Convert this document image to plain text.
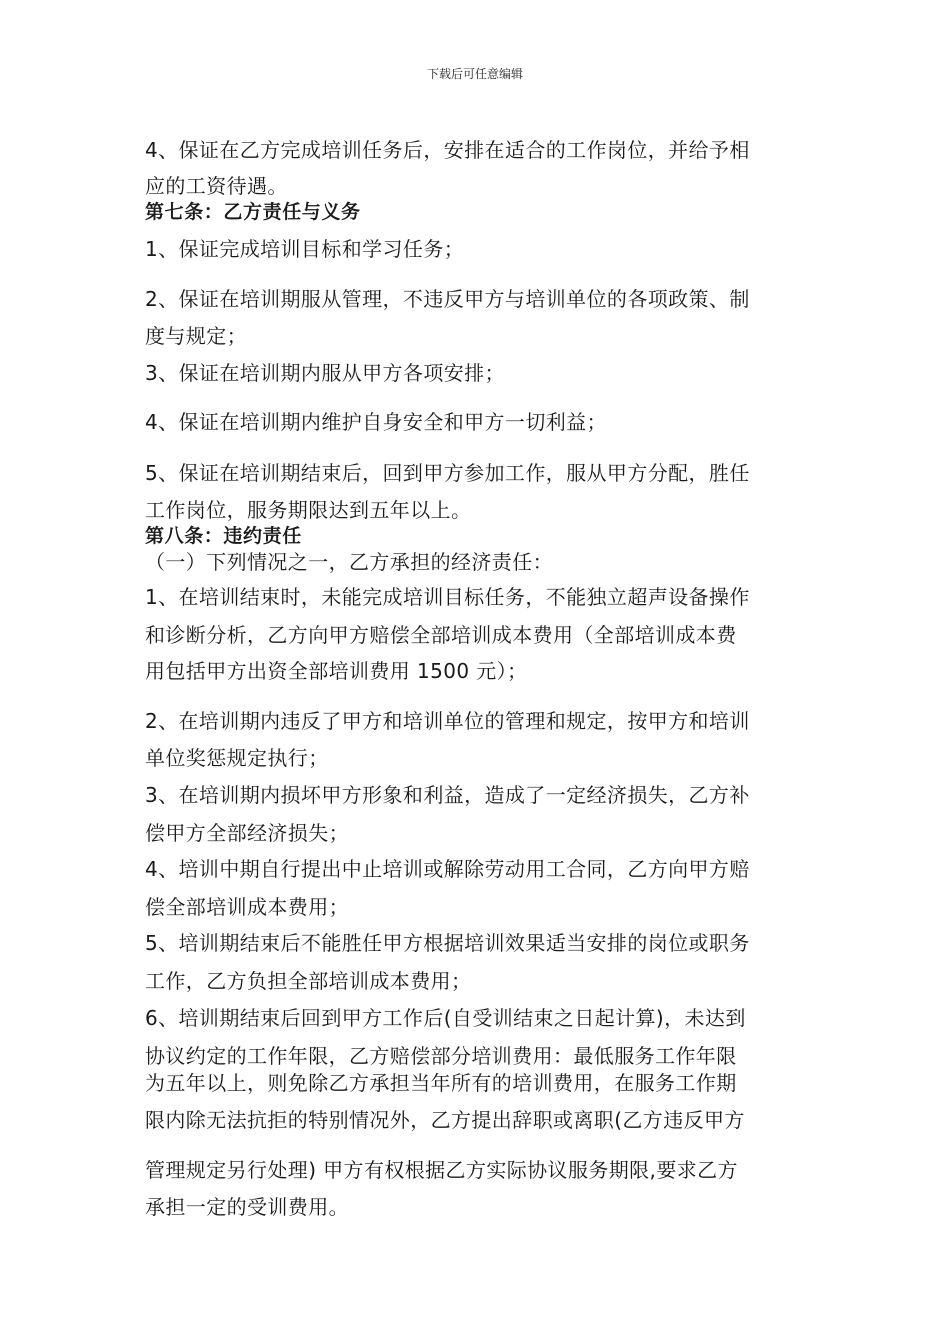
下载后可任意编辑
4、保证在乙方完成培训任务后，安排在适合的工作岗位，并给予相
应的工资待遇。
第七条：乙方责任与义务
1、保证完成培训目标和学习任务；
2、保证在培训期服从管理，不违反甲方与培训单位的各项政策、制
度与规定；
3、保证在培训期内服从甲方各项安排；
4、保证在培训期内维护自身安全和甲方一切利益；
5、保证在培训期结束后，回到甲方参加工作，服从甲方分配，胜任
工作岗位，服务期限达到五年以上。
第八条：违约责任
（一）下列情况之一，乙方承担的经济责任：
1、在培训结束时，未能完成培训目标任务，不能独立超声设备操作
和诊断分析，乙方向甲方赔偿全部培训成本费用（全部培训成本费
用包括甲方出资全部培训费用 1500 元）；
2、在培训期内违反了甲方和培训单位的管理和规定，按甲方和培训
单位奖惩规定执行；
3、在培训期内损坏甲方形象和利益，造成了一定经济损失，乙方补
偿甲方全部经济损失；
4、培训中期自行提出中止培训或解除劳动用工合同，乙方向甲方赔
偿全部培训成本费用；
5、培训期结束后不能胜任甲方根据培训效果适当安排的岗位或职务
工作，乙方负担全部培训成本费用；
6、培训期结束后回到甲方工作后(自受训结束之日起计算)，未达到
协议约定的工作年限，乙方赔偿部分培训费用：最低服务工作年限
为五年以上，则免除乙方承担当年所有的培训费用，在服务工作期
限内除无法抗拒的特别情况外，乙方提出辞职或离职(乙方违反甲方
管理规定另行处理) 甲方有权根据乙方实际协议服务期限,要求乙方
承担一定的受训费用。
